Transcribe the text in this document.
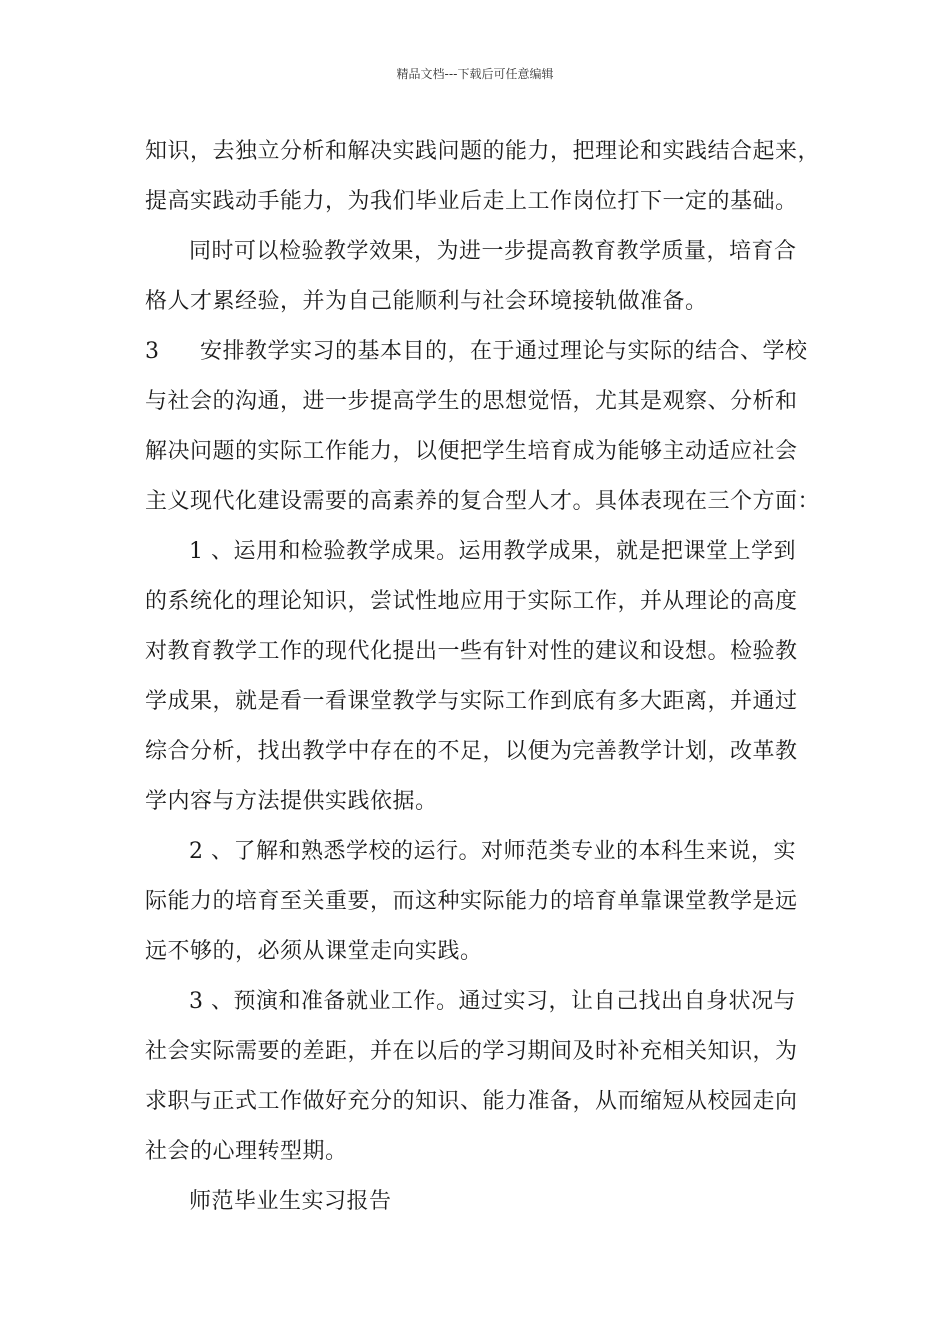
精品文档---下载后可任意编辑
知识，去独立分析和解决实践问题的能力，把理论和实践结合起来，
提高实践动手能力，为我们毕业后走上工作岗位打下一定的基础。
同时可以检验教学效果，为进一步提高教育教学质量，培育合
格人才累经验，并为自己能顺利与社会环境接轨做准备。
3 安排教学实习的基本目的，在于通过理论与实际的结合、学校
与社会的沟通，进一步提高学生的思想觉悟，尤其是观察、分析和
解决问题的实际工作能力，以便把学生培育成为能够主动适应社会
主义现代化建设需要的高素养的复合型人才。具体表现在三个方面：
1 、运用和检验教学成果。运用教学成果，就是把课堂上学到
的系统化的理论知识，尝试性地应用于实际工作，并从理论的高度
对教育教学工作的现代化提出一些有针对性的建议和设想。检验教
学成果，就是看一看课堂教学与实际工作到底有多大距离，并通过
综合分析，找出教学中存在的不足，以便为完善教学计划，改革教
学内容与方法提供实践依据。
2 、了解和熟悉学校的运行。对师范类专业的本科生来说，实
际能力的培育至关重要，而这种实际能力的培育单靠课堂教学是远
远不够的，必须从课堂走向实践。
3 、预演和准备就业工作。通过实习，让自己找出自身状况与
社会实际需要的差距，并在以后的学习期间及时补充相关知识，为
求职与正式工作做好充分的知识、能力准备，从而缩短从校园走向
社会的心理转型期。
师范毕业生实习报告
